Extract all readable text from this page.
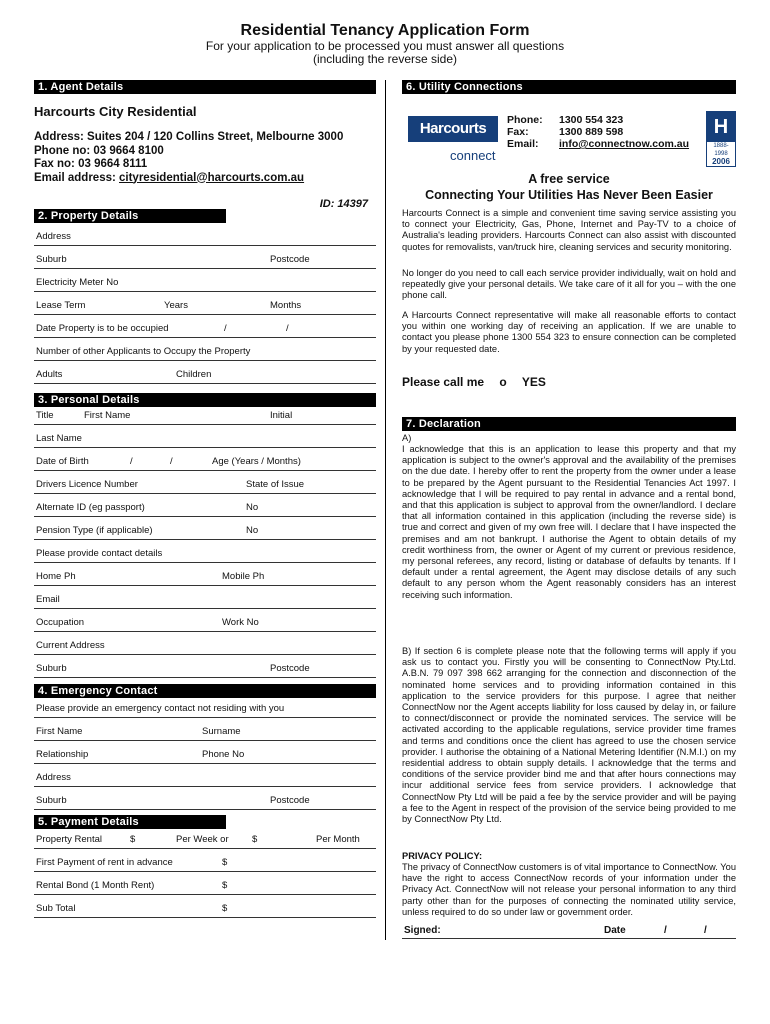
Residential Tenancy Application Form
For your application to be processed you must answer all questions
(including the reverse side)
1. Agent Details
Harcourts City Residential
Address: Suites 204 / 120 Collins Street, Melbourne 3000
Phone no: 03 9664 8100
Fax no: 03 9664 8111
Email address: cityresidential@harcourts.com.au
ID: 14397
2. Property Details
Address
Suburb	Postcode
Electricity Meter No
Lease Term	Years	Months
Date Property is to be occupied	/	/
Number of other Applicants to Occupy the Property
Adults	Children
3. Personal Details
Title	First Name	Initial
Last Name
Date of Birth	/	/	Age (Years / Months)
Drivers Licence Number	State of Issue
Alternate ID (eg passport)	No
Pension Type (if applicable)	No
Please provide contact details
Home Ph	Mobile Ph
Email
Occupation	Work No
Current Address
Suburb	Postcode
4. Emergency Contact
Please provide an emergency contact not residing with you
First Name	Surname
Relationship	Phone No
Address
Suburb	Postcode
5. Payment Details
Property Rental	$	Per Week or $	Per Month
First Payment of rent in advance	$
Rental Bond (1 Month Rent)	$
Sub Total	$
6. Utility Connections
Harcourts
connect
Phone: 1300 554 323
Fax:	1300 889 598
Email: info@connectnow.com.au
H
1888-1998
2006
A free service
Connecting Your Utilities Has Never Been Easier
Harcourts Connect is a simple and convenient time saving service assisting you to connect your Electricity, Gas, Phone, Internet and Pay-TV to a choice of Australia's leading providers. Harcourts Connect can also assist with discounted quotes for removalists, van/truck hire, cleaning services and security monitoring.
No longer do you need to call each service provider individually, wait on hold and repeatedly give your personal details. We take care of it all for you – with the one phone call.
A Harcourts Connect representative will make all reasonable efforts to contact you within one working day of receiving an application. If we are unable to contact you please phone 1300 554 323 to ensure connection can be completed by your requested date.
Please call me o YES
7. Declaration
A)
I acknowledge that this is an application to lease this property and that my application is subject to the owner's approval and the availability of the premises on the due date. I hereby offer to rent the property from the owner under a lease to be prepared by the Agent pursuant to the Residential Tenancies Act 1997. I acknowledge that I will be required to pay rental in advance and a rental bond, and that this application is subject to approval from the owner/landlord. I declare that all information contained in this application (including the reverse side) is true and correct and given of my own free will. I declare that I have inspected the premises and am not bankrupt. I authorise the Agent to obtain details of my credit worthiness from, the owner or Agent of my current or previous residence, my personal referees, any record, listing or database of defaults by tenants. If I default under a rental agreement, the Agent may disclose details of any such default to any person whom the Agent reasonably considers has an interest receiving such information.
B) If section 6 is complete please note that the following terms will apply if you ask us to contact you. Firstly you will be consenting to ConnectNow Pty.Ltd. A.B.N. 79 097 398 662 arranging for the connection and disconnection of the nominated home services and to providing information contained in this application to the service providers for this purpose. I agree that neither ConnectNow nor the Agent accepts liability for loss caused by delay in, or failure to connect/disconnect or provide the nominated services. The service will be activated according to the applicable regulations, service provider time frames and terms and conditions once the client has agreed to use the chosen service provider. I authorise the obtaining of a National Metering Identifier (N.M.I.) on my residential address to obtain supply details. I acknowledge that the terms and conditions of the service provider bind me and that after hours connections may incur additional service fees from service providers. I acknowledge that ConnectNow Pty Ltd will be paid a fee by the service provider and will be paying a fee to the Agent in respect of the provision of the service being provided to me by ConnectNow Pty Ltd.
PRIVACY POLICY:
The privacy of ConnectNow customers is of vital importance to ConnectNow. You have the right to access ConnectNow records of your information under the Privacy Act. ConnectNow will not release your personal information to any third party other than for the purposes of connecting the nominated utility service, unless required to do so under law or government order.
Signed:	Date	/	/
